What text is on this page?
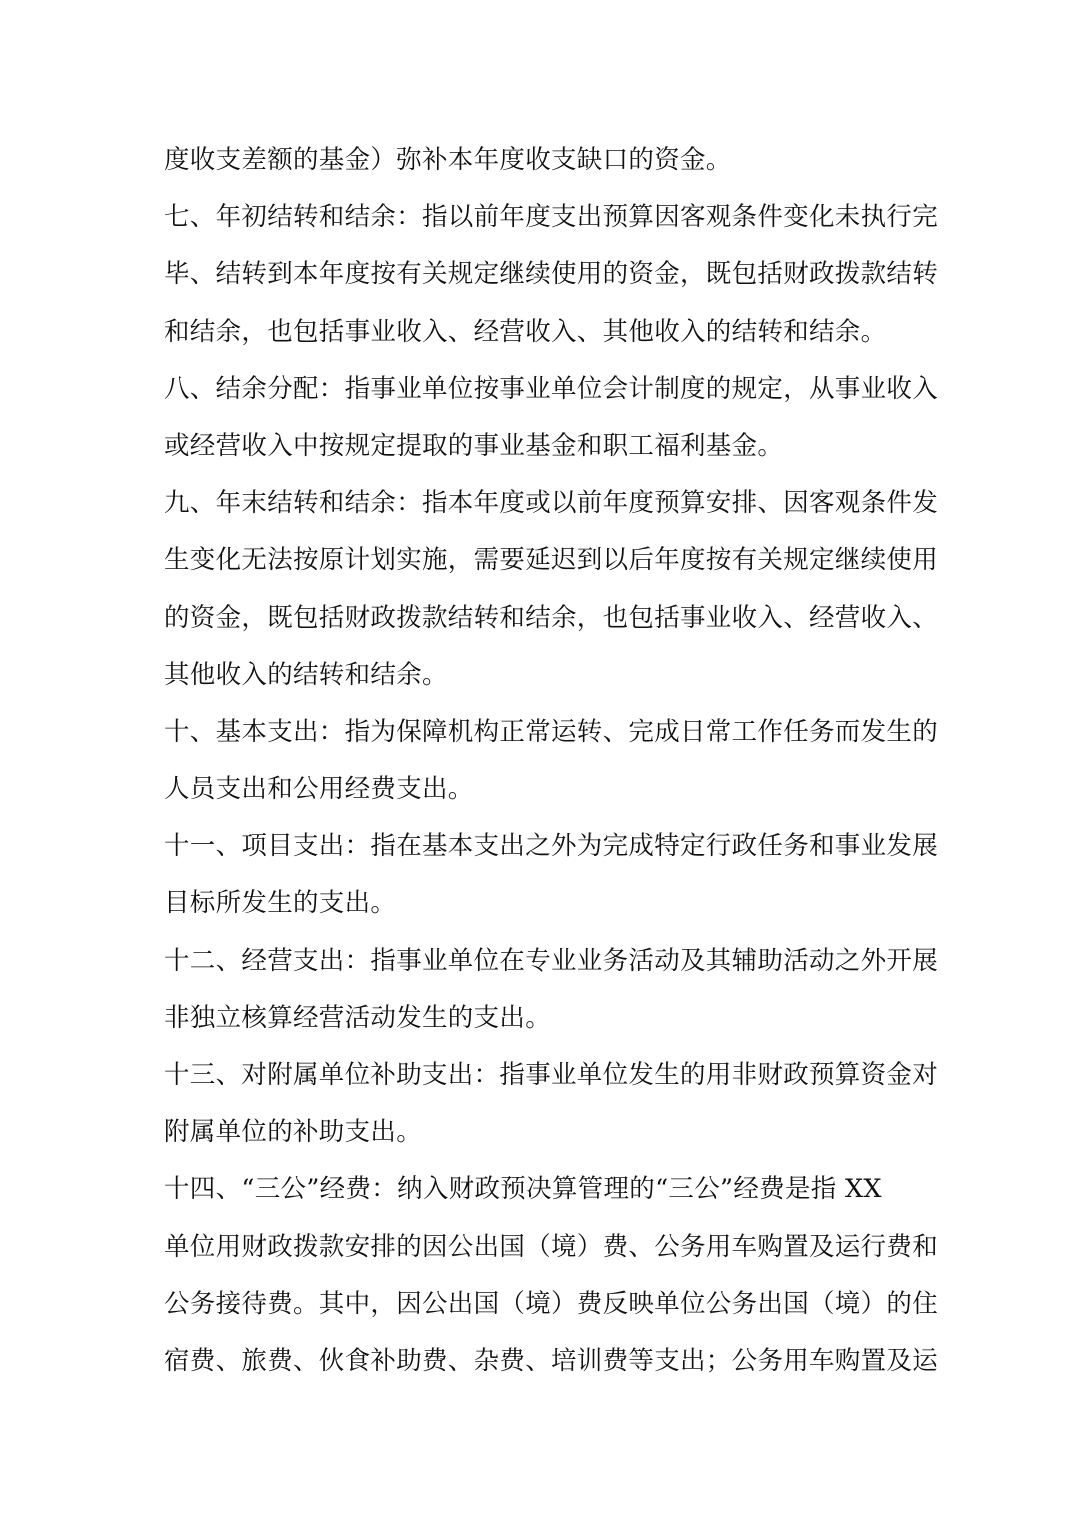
度收支差额的基金）弥补本年度收支缺口的资金。
七、年初结转和结余：指以前年度支出预算因客观条件变化未执行完
毕、结转到本年度按有关规定继续使用的资金，既包括财政拨款结转
和结余，也包括事业收入、经营收入、其他收入的结转和结余。
八、结余分配：指事业单位按事业单位会计制度的规定，从事业收入
或经营收入中按规定提取的事业基金和职工福利基金。
九、年末结转和结余：指本年度或以前年度预算安排、因客观条件发
生变化无法按原计划实施，需要延迟到以后年度按有关规定继续使用
的资金，既包括财政拨款结转和结余，也包括事业收入、经营收入、
其他收入的结转和结余。
十、基本支出：指为保障机构正常运转、完成日常工作任务而发生的
人员支出和公用经费支出。
十一、项目支出：指在基本支出之外为完成特定行政任务和事业发展
目标所发生的支出。
十二、经营支出：指事业单位在专业业务活动及其辅助活动之外开展
非独立核算经营活动发生的支出。
十三、对附属单位补助支出：指事业单位发生的用非财政预算资金对
附属单位的补助支出。
十四、“三公”经费：纳入财政预决算管理的“三公”经费是指 XX
单位用财政拨款安排的因公出国（境）费、公务用车购置及运行费和
公务接待费。其中，因公出国（境）费反映单位公务出国（境）的住
宿费、旅费、伙食补助费、杂费、培训费等支出；公务用车购置及运
